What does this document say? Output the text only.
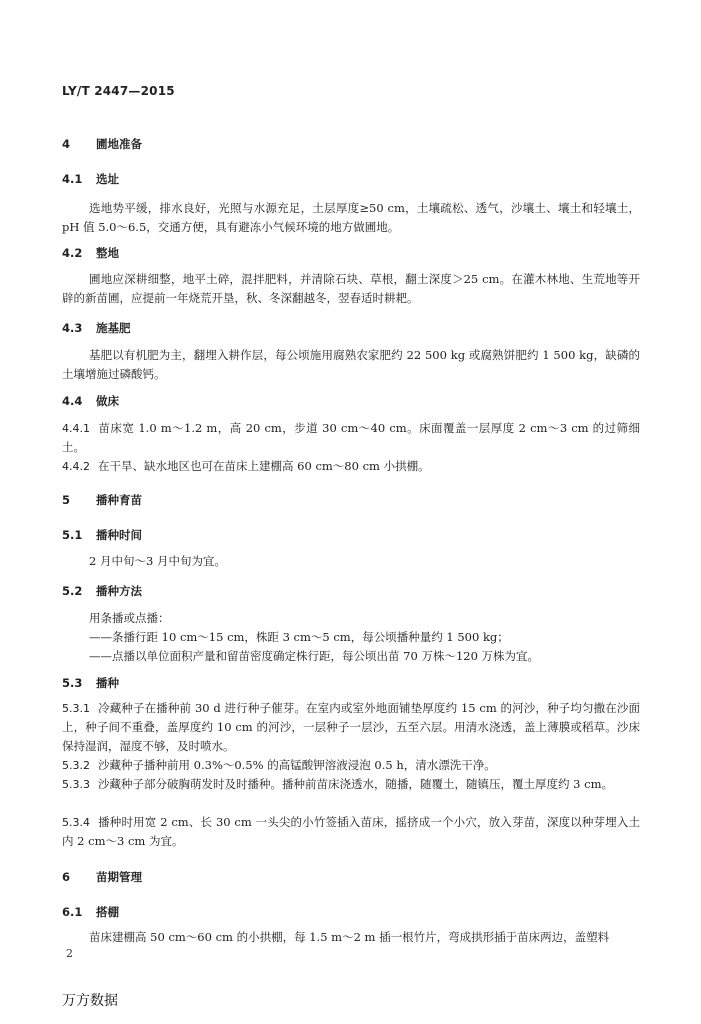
LY/T 2447—2015
4 圃地准备
4.1 选址
选地势平缓，排水良好，光照与水源充足，土层厚度≥50 cm，土壤疏松、透气，沙壤土、壤土和轻壤土，pH 值 5.0～6.5，交通方便，具有避冻小气候环境的地方做圃地。
4.2 整地
圃地应深耕细整，地平土碎，混拌肥料，并清除石块、草根，翻土深度＞25 cm。在灌木林地、生荒地等开辟的新苗圃，应提前一年烧荒开垦，秋、冬深翻越冬，翌春适时耕耙。
4.3 施基肥
基肥以有机肥为主，翻埋入耕作层，每公顷施用腐熟农家肥约 22 500 kg 或腐熟饼肥约 1 500 kg，缺磷的土壤增施过磷酸钙。
4.4 做床
4.4.1 苗床宽 1.0 m～1.2 m，高 20 cm，步道 30 cm～40 cm。床面覆盖一层厚度 2 cm～3 cm 的过筛细土。
4.4.2 在干旱、缺水地区也可在苗床上建棚高 60 cm～80 cm 小拱棚。
5 播种育苗
5.1 播种时间
2 月中旬～3 月中旬为宜。
5.2 播种方法
用条播或点播：
——条播行距 10 cm～15 cm，株距 3 cm～5 cm，每公顷播种量约 1 500 kg；
——点播以单位面积产量和留苗密度确定株行距，每公顷出苗 70 万株～120 万株为宜。
5.3 播种
5.3.1 冷藏种子在播种前 30 d 进行种子催芽。在室内或室外地面铺垫厚度约 15 cm 的河沙，种子均匀撒在沙面上，种子间不重叠，盖厚度约 10 cm 的河沙，一层种子一层沙，五至六层。用清水浇透，盖上薄膜或稻草。沙床保持湿润，湿度不够，及时喷水。
5.3.2 沙藏种子播种前用 0.3%～0.5% 的高锰酸钾溶液浸泡 0.5 h，清水漂洗干净。
5.3.3 沙藏种子部分破胸萌发时及时播种。播种前苗床浇透水，随播，随覆土，随镇压，覆土厚度约 3 cm。
5.3.4 播种时用宽 2 cm、长 30 cm 一头尖的小竹签插入苗床，摇挤成一个小穴，放入芽苗，深度以种芽埋入土内 2 cm～3 cm 为宜。
6 苗期管理
6.1 搭棚
苗床建棚高 50 cm～60 cm 的小拱棚，每 1.5 m～2 m 插一根竹片，弯成拱形插于苗床两边，盖塑料
2
万方数据
